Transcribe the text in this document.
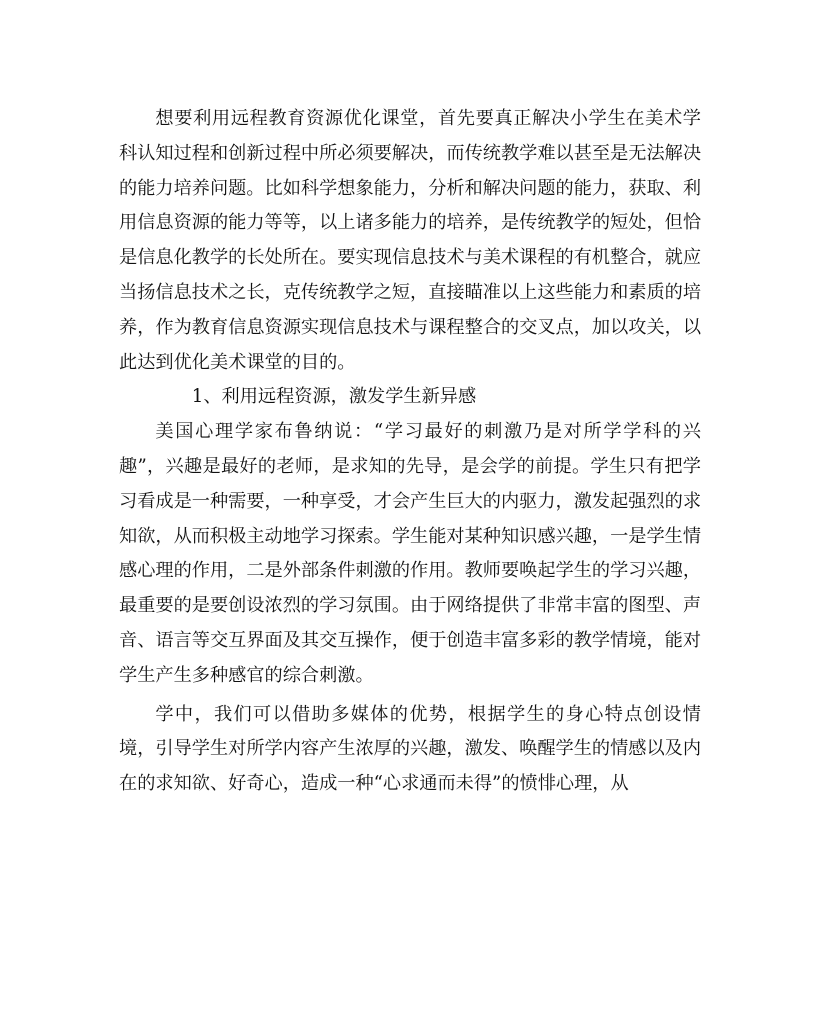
想要利用远程教育资源优化课堂，首先要真正解决小学生在美术学科认知过程和创新过程中所必须要解决，而传统教学难以甚至是无法解决的能力培养问题。比如科学想象能力，分析和解决问题的能力，获取、利用信息资源的能力等等，以上诸多能力的培养，是传统教学的短处，但恰是信息化教学的长处所在。要实现信息技术与美术课程的有机整合，就应当扬信息技术之长，克传统教学之短，直接瞄准以上这些能力和素质的培养，作为教育信息资源实现信息技术与课程整合的交叉点，加以攻关，以此达到优化美术课堂的目的。

1、利用远程资源，激发学生新异感

美国心理学家布鲁纳说：“学习最好的刺激乃是对所学学科的兴趣”，兴趣是最好的老师，是求知的先导，是会学的前提。学生只有把学习看成是一种需要，一种享受，才会产生巨大的内驱力，激发起强烈的求知欲，从而积极主动地学习探索。学生能对某种知识感兴趣，一是学生情感心理的作用，二是外部条件刺激的作用。教师要唤起学生的学习兴趣，最重要的是要创设浓烈的学习氛围。由于网络提供了非常丰富的图型、声音、语言等交互界面及其交互操作，便于创造丰富多彩的教学情境，能对学生产生多种感官的综合刺激。

学中，我们可以借助多媒体的优势，根据学生的身心特点创设情境，引导学生对所学内容产生浓厚的兴趣，激发、唤醒学生的情感以及内在的求知欲、好奇心，造成一种“心求通而未得”的愤悱心理，从
